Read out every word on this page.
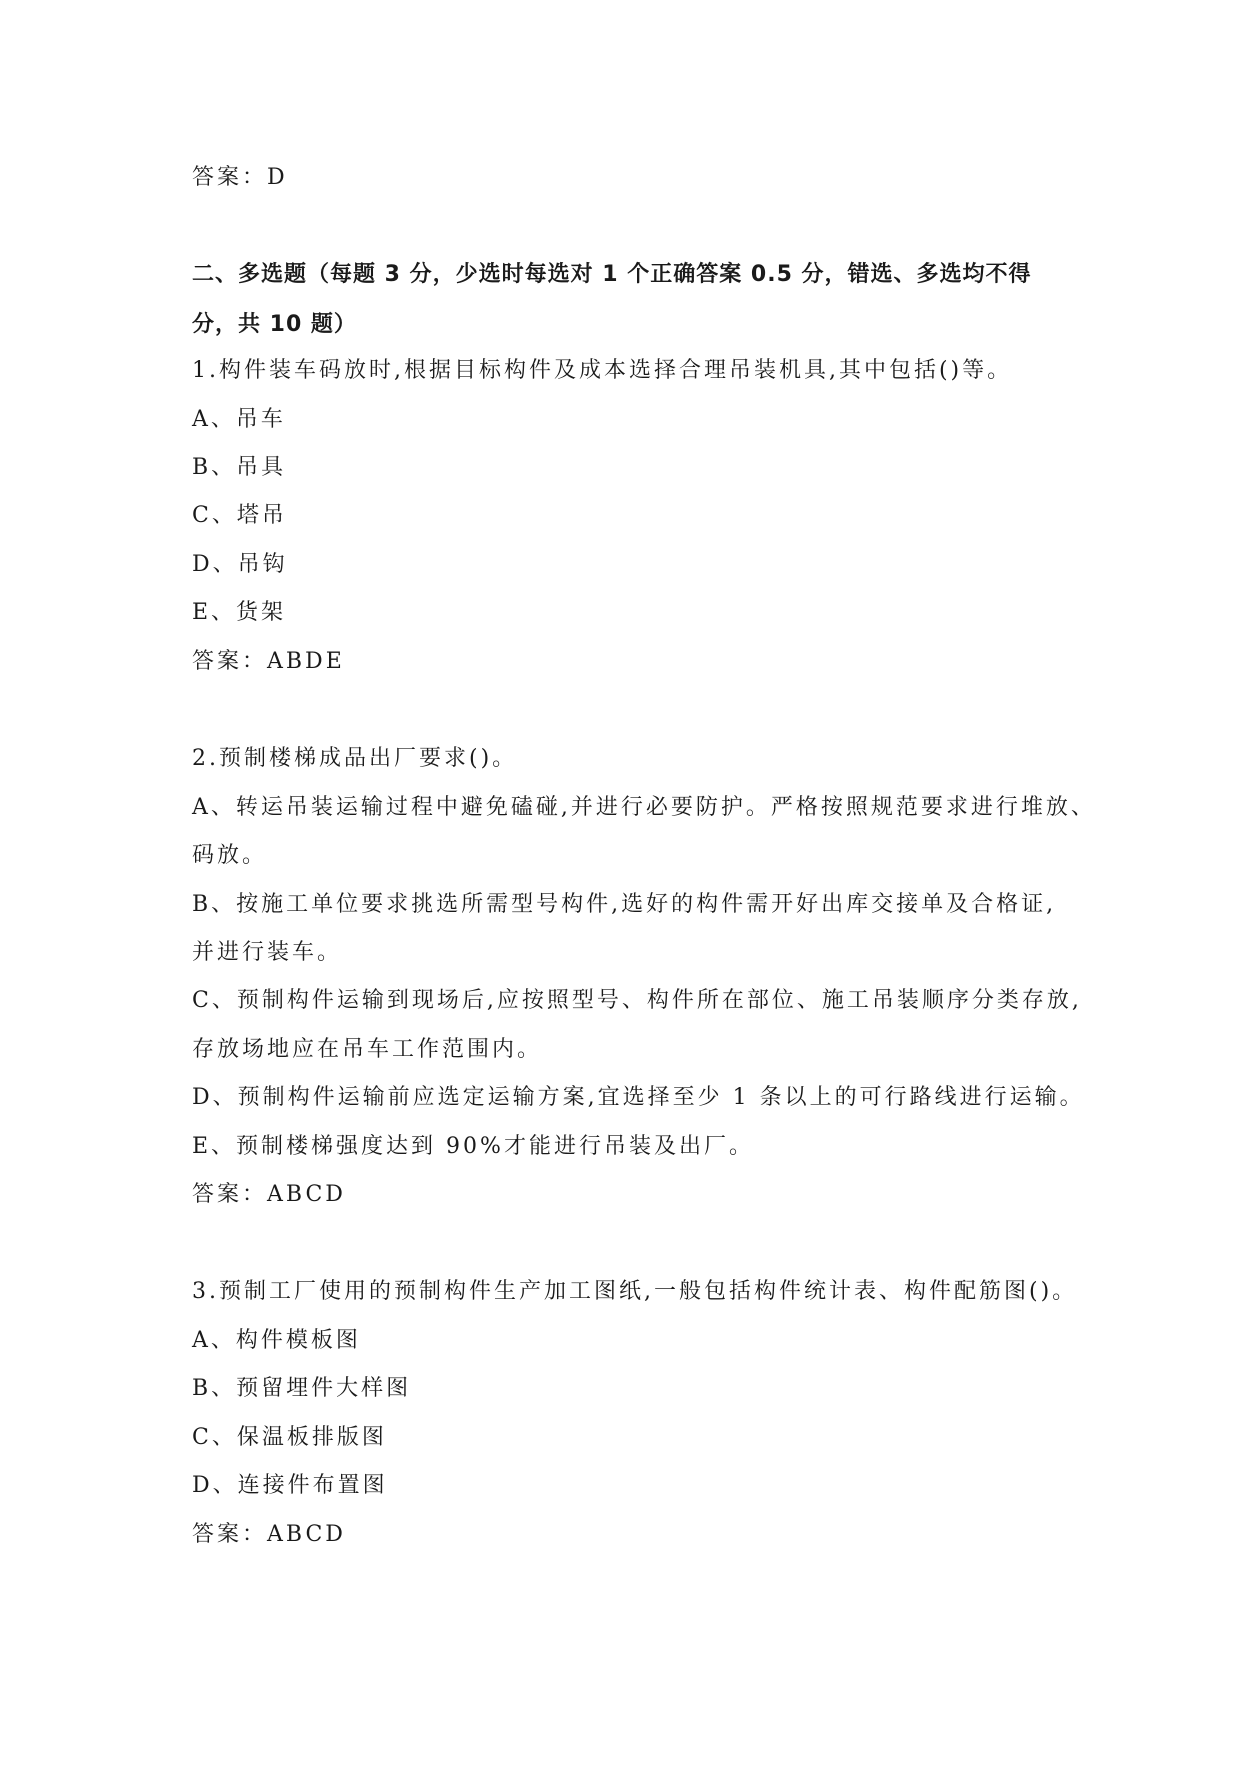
答案：D
二、多选题（每题 3 分，少选时每选对 1 个正确答案 0.5 分，错选、多选均不得
分，共 10 题）
1.构件装车码放时,根据目标构件及成本选择合理吊装机具,其中包括()等。
A、吊车
B、吊具
C、塔吊
D、吊钩
E、货架
答案：ABDE
2.预制楼梯成品出厂要求()。
A、转运吊装运输过程中避免磕碰,并进行必要防护。严格按照规范要求进行堆放、
码放。
B、按施工单位要求挑选所需型号构件,选好的构件需开好出库交接单及合格证,
并进行装车。
C、预制构件运输到现场后,应按照型号、构件所在部位、施工吊装顺序分类存放,
存放场地应在吊车工作范围内。
D、预制构件运输前应选定运输方案,宜选择至少 1 条以上的可行路线进行运输。
E、预制楼梯强度达到 90%才能进行吊装及出厂。
答案：ABCD
3.预制工厂使用的预制构件生产加工图纸,一般包括构件统计表、构件配筋图()。
A、构件模板图
B、预留埋件大样图
C、保温板排版图
D、连接件布置图
答案：ABCD
